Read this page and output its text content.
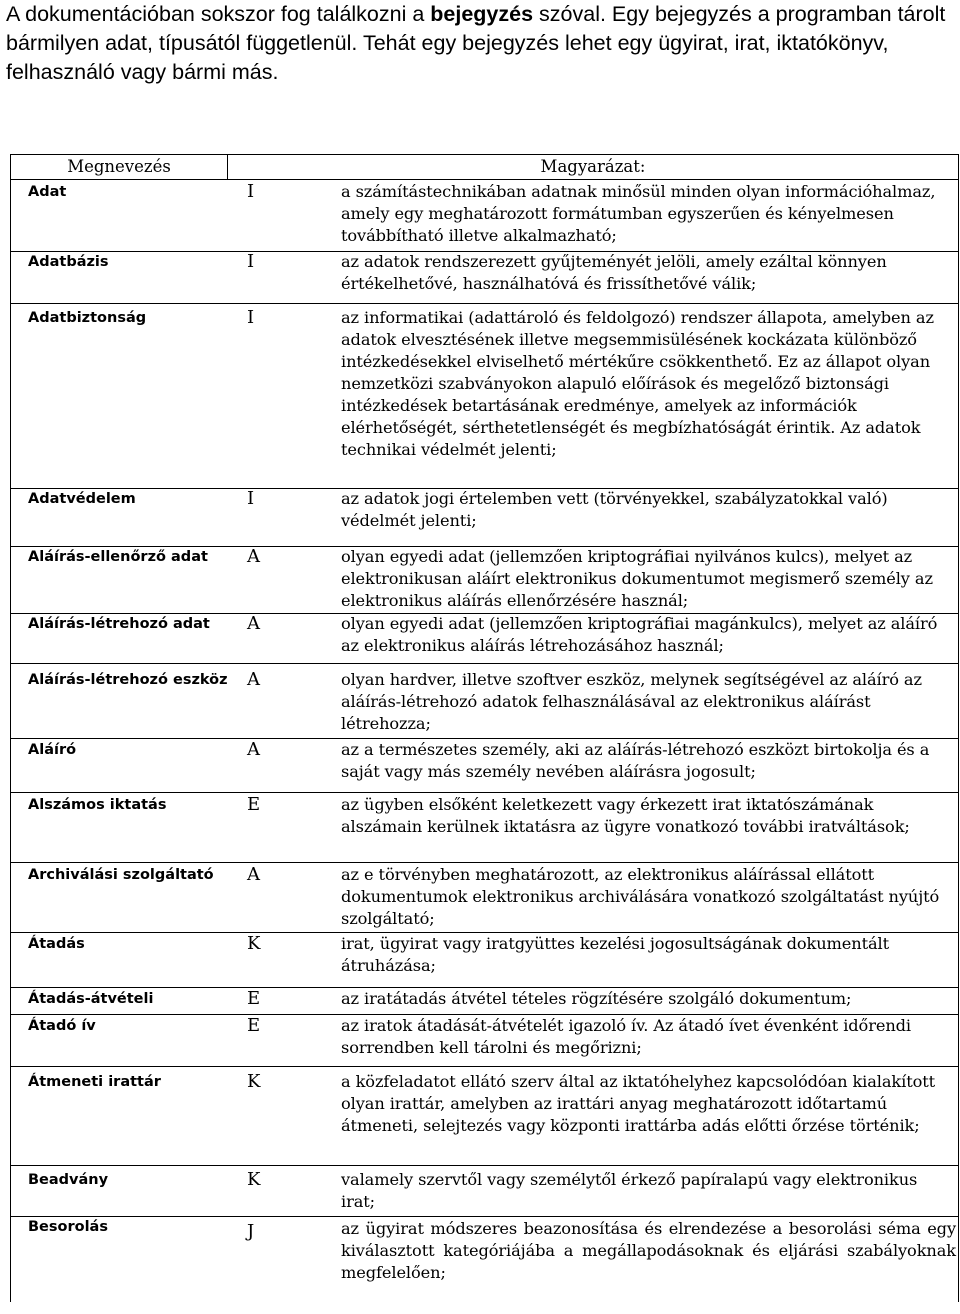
A dokumentációban sokszor fog találkozni a bejegyzés szóval. Egy bejegyzés a programban tárolt bármilyen adat, típusától függetlenül. Tehát egy bejegyzés lehet egy ügyirat, irat, iktatókönyv, felhasználó vagy bármi más.
Megnevezés	Magyarázat:
Adat	I	a számítástechnikában adatnak minősül minden olyan információhalmaz, amely egy meghatározott formátumban egyszerűen és kényelmesen továbbítható illetve alkalmazható;
Adatbázis	I	az adatok rendszerezett gyűjteményét jelöli, amely ezáltal könnyen értékelhetővé, használhatóvá és frissíthetővé válik;
Adatbiztonság	I	az informatikai (adattároló és feldolgozó) rendszer állapota, amelyben az adatok elvesztésének illetve megsemmisülésének kockázata különböző intézkedésekkel elviselhető mértékűre csökkenthető. Ez az állapot olyan nemzetközi szabványokon alapuló előírások és megelőző biztonsági intézkedések betartásának eredménye, amelyek az információk elérhetőségét, sérthetetlenségét és megbízhatóságát érintik. Az adatok technikai védelmét jelenti;
Adatvédelem	I	az adatok jogi értelemben vett (törvényekkel, szabályzatokkal való) védelmét jelenti;
Aláírás-ellenőrző adat	A	olyan egyedi adat (jellemzően kriptográfiai nyilvános kulcs), melyet az elektronikusan aláírt elektronikus dokumentumot megismerő személy az elektronikus aláírás ellenőrzésére használ;
Aláírás-létrehozó adat	A	olyan egyedi adat (jellemzően kriptográfiai magánkulcs), melyet az aláíró az elektronikus aláírás létrehozásához használ;
Aláírás-létrehozó eszköz A	olyan hardver, illetve szoftver eszköz, melynek segítségével az aláíró az aláírás-létrehozó adatok felhasználásával az elektronikus aláírást létrehozza;
Aláíró	A	az a természetes személy, aki az aláírás-létrehozó eszközt birtokolja és a saját vagy más személy nevében aláírásra jogosult;
Alszámos iktatás	E	az ügyben elsőként keletkezett vagy érkezett irat iktatószámának alszámain kerülnek iktatásra az ügyre vonatkozó további iratváltások;
Archiválási szolgáltató	A	az e törvényben meghatározott, az elektronikus aláírással ellátott dokumentumok elektronikus archiválására vonatkozó szolgáltatást nyújtó szolgáltató;
Átadás	K	irat, ügyirat vagy iratgyüttes kezelési jogosultságának dokumentált átruházása;
Átadás-átvételi	E	az iratátadás átvétel tételes rögzítésére szolgáló dokumentum;
Átadó ív	E	az iratok átadását-átvételét igazoló ív. Az átadó ívet évenként időrendi sorrendben kell tárolni és megőrizni;
Átmeneti irattár	K	a közfeladatot ellátó szerv által az iktatóhelyhez kapcsolódóan kialakított olyan irattár, amelyben az irattári anyag meghatározott időtartamú átmeneti, selejtezés vagy központi irattárba adás előtti őrzése történik;
Beadvány	K	valamely szervtől vagy személytől érkező papíralapú vagy elektronikus irat;
Besorolás	J	az ügyirat módszeres beazonosítása és elrendezése a besorolási séma egy kiválasztott kategóriájába a megállapodásoknak és eljárási szabályoknak megfelelően;
